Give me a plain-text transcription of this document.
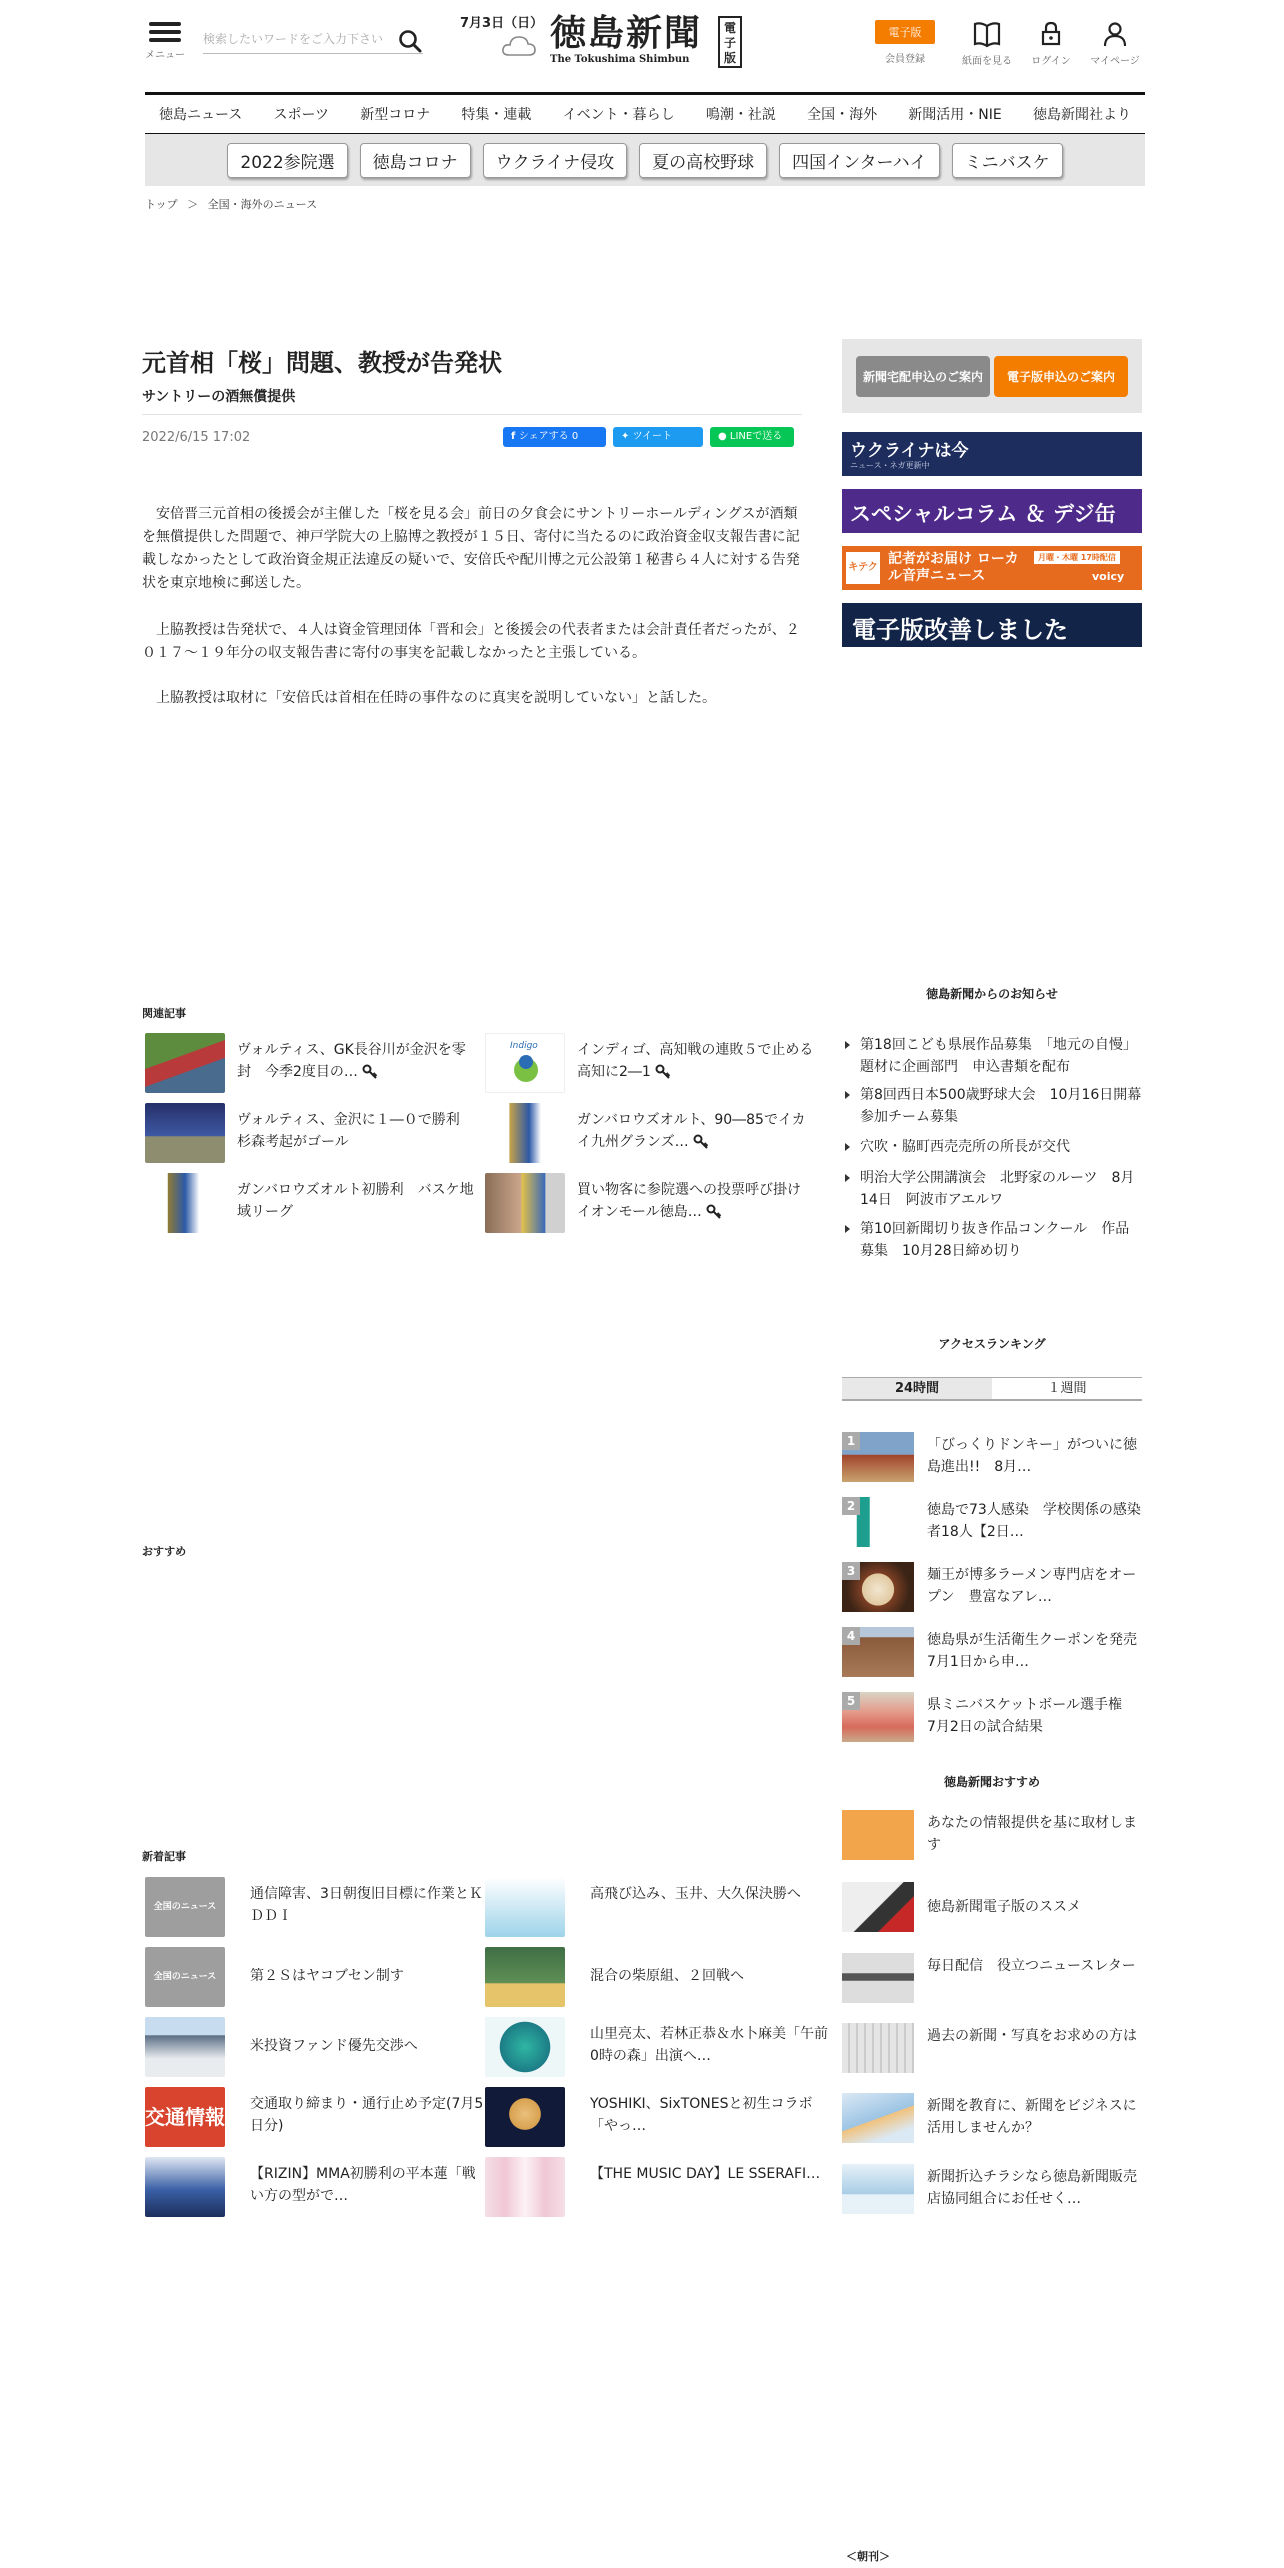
メニュー
検索したいワードをご入力下さい
7月3日（日） 徳島新聞
The Tokushima Shimbun
電子版
電子版
会員登録	紙面を見る	ログイン	マイページ
徳島ニュース スポーツ 新型コロナ 特集・連載 イベント・暮らし 鳴潮・社説 全国・海外 新聞活用・NIE 徳島新聞社より
2022参院選	徳島コロナ	ウクライナ侵攻	夏の高校野球	四国インターハイ	ミニバスケ
トップ ＞ 全国・海外のニュース
元首相「桜」問題、教授が告発状
サントリーの酒無償提供
2022/6/15 17:02	f シェアする 0	✦ ツイート	● LINEで送る

安倍晋三元首相の後援会が主催した「桜を見る会」前日の夕食会にサントリーホールディングスが酒類を無償提供した問題で、神戸学院大の上脇博之教授が１５日、寄付に当たるのに政治資金収支報告書に記載しなかったとして政治資金規正法違反の疑いで、安倍氏や配川博之元公設第１秘書ら４人に対する告発状を東京地検に郵送した。

上脇教授は告発状で、４人は資金管理団体「晋和会」と後援会の代表者または会計責任者だったが、２０１７～１９年分の収支報告書に寄付の事実を記載しなかったと主張している。

上脇教授は取材に「安倍氏は首相在任時の事件なのに真実を説明していない」と話した。

新聞宅配申込のご案内	電子版申込のご案内
ウクライナは今
ニュース・ネガ更新中
スペシャルコラム ＆ デジ缶
キテク
記者がお届け ローカル音声ニュース
月曜・木曜 17時配信
voicy
電子版改善しました
関連記事
ヴォルティス、GK長谷川が金沢を零封　今季2度目の…
Indigo	インディゴ、高知戦の連敗５で止める　高知に2―1
ヴォルティス、金沢に１―０で勝利　杉森考起がゴール
ガンバロウズオルト、90―85でイカイ九州グランズ…
ガンバロウズオルト初勝利　バスケ地域リーグ
買い物客に参院選への投票呼び掛け　イオンモール徳島…
徳島新聞からのお知らせ
第18回こども県展作品募集　「地元の自慢」題材に企画部門　申込書類を配布
第8回西日本500歳野球大会　10月16日開幕　参加チーム募集
穴吹・脇町西売売所の所長が交代
明治大学公開講演会　北野家のルーツ　8月14日　阿波市アエルワ
第10回新聞切り抜き作品コンクール　作品募集　10月28日締め切り
アクセスランキング
24時間	１週間
1	「びっくりドンキー」がついに徳島進出!!　8月…
2	徳島で73人感染　学校関係の感染者18人【2日…
3	麺王が博多ラーメン専門店をオープン　豊富なアレ…
4	徳島県が生活衛生クーポンを発売　7月1日から申…
5	県ミニバスケットボール選手権　7月2日の試合結果
徳島新聞おすすめ
あなたの情報提供を基に取材します
徳島新聞電子版のススメ
毎日配信　役立つニュースレター
過去の新聞・写真をお求めの方は
新聞を教育に、新聞をビジネスに活用しませんか？
新聞折込チラシなら徳島新聞販売店協同組合にお任せく…
おすすめ
新着記事
全国のニュース
通信障害、3日朝復旧目標に作業とＫＤＤＩ
高飛び込み、玉井、大久保決勝へ
全国のニュース	第２Ｓはヤコブセン制す	混合の柴原組、２回戦へ
米投資ファンド優先交渉へ
山里亮太、若林正恭＆水卜麻美「午前0時の森」出演へ…
交通情報
交通取り締まり・通行止め予定(7月5日分)
YOSHIKI、SixTONESと初生コラボ「やっ…
【RIZIN】MMA初勝利の平本蓮「戦い方の型がで…
【THE MUSIC DAY】LE SSERAFI…
＜朝刊＞
